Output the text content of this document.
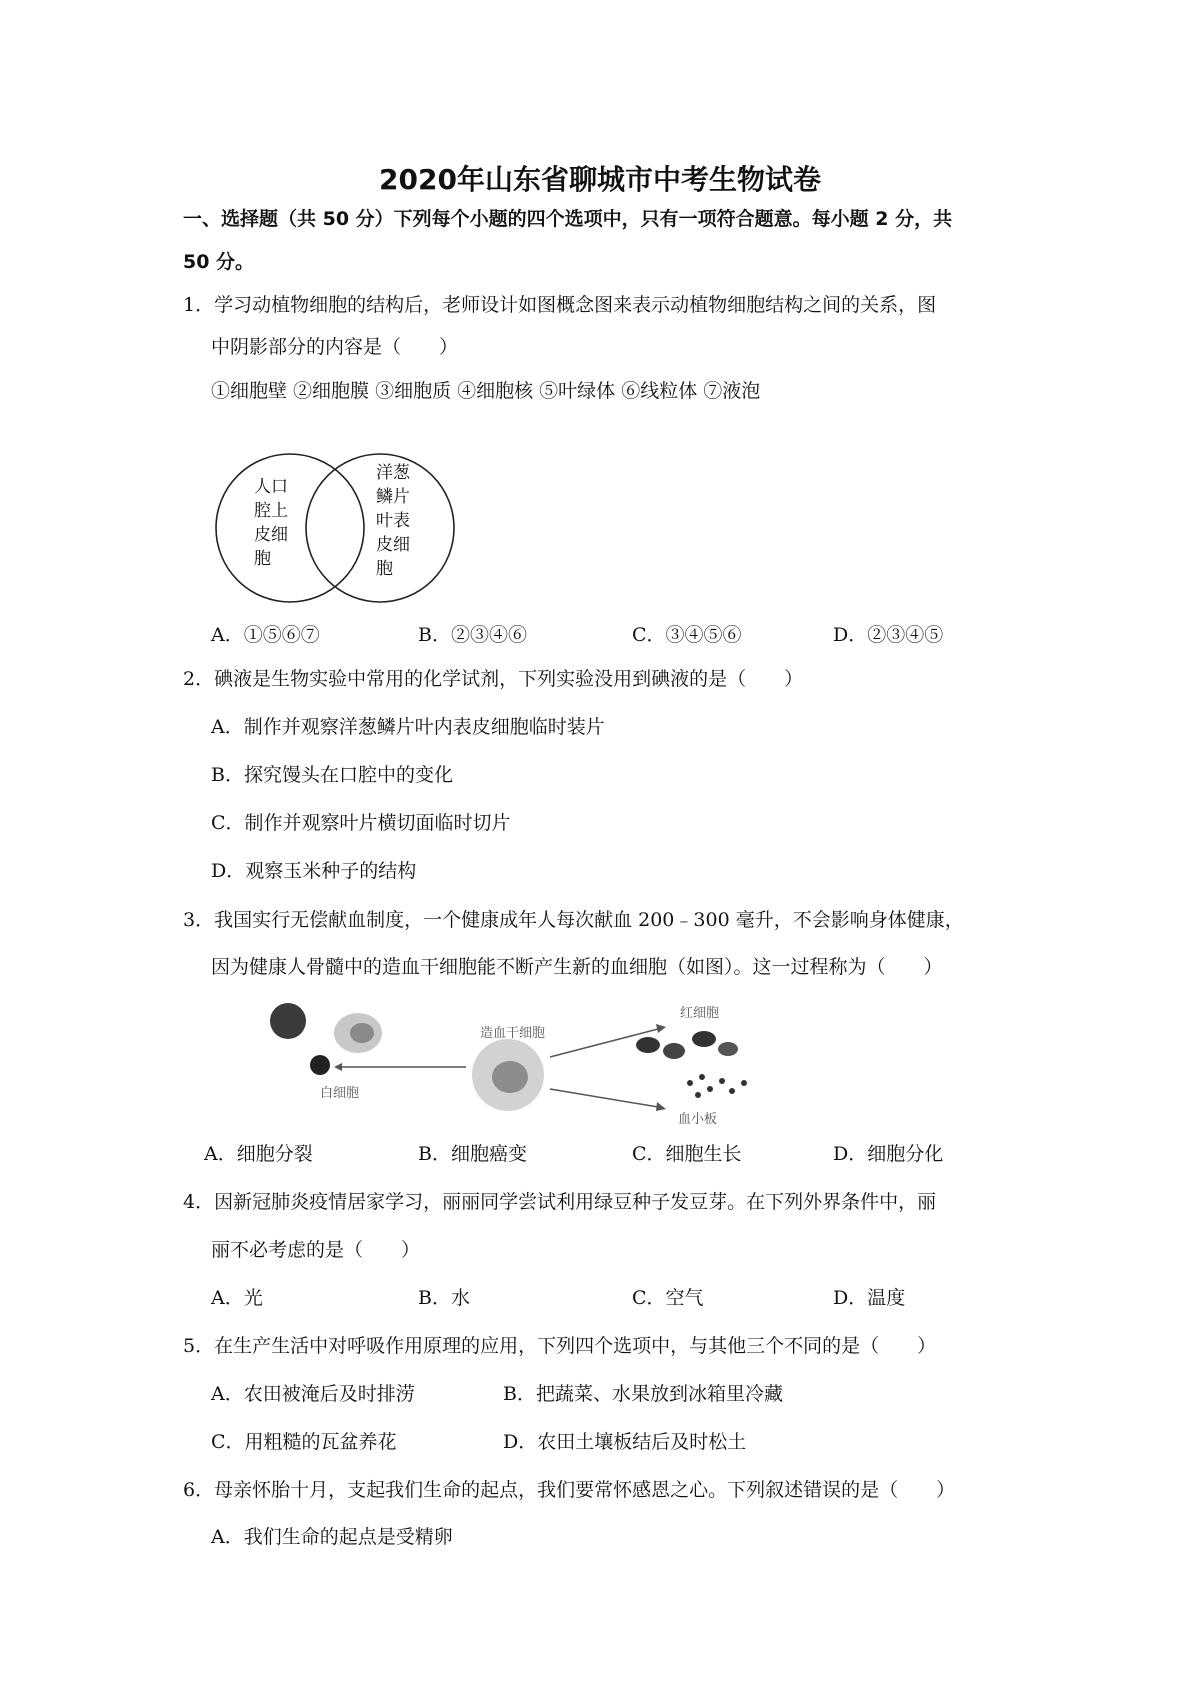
2020年山东省聊城市中考生物试卷
一、选择题（共 50 分）下列每个小题的四个选项中，只有一项符合题意。每小题 2 分，共
50 分。
1．学习动植物细胞的结构后，老师设计如图概念图来表示动植物细胞结构之间的关系，图
中阴影部分的内容是（　　）
①细胞壁 ②细胞膜 ③细胞质 ④细胞核 ⑤叶绿体 ⑥线粒体 ⑦液泡
人口
腔上
皮细
胞
洋葱
鳞片
叶表
皮细
胞
A．①⑤⑥⑦	B．②③④⑥	C．③④⑤⑥	D．②③④⑤
2．碘液是生物实验中常用的化学试剂，下列实验没用到碘液的是（　　）
A．制作并观察洋葱鳞片叶内表皮细胞临时装片
B．探究馒头在口腔中的变化
C．制作并观察叶片横切面临时切片
D．观察玉米种子的结构
3．我国实行无偿献血制度，一个健康成年人每次献血 200﹣300 毫升，不会影响身体健康，
因为健康人骨髓中的造血干细胞能不断产生新的血细胞（如图）。这一过程称为（　　）
白细胞
造血干细胞
红细胞
血小板
A．细胞分裂	B．细胞癌变	C．细胞生长	D．细胞分化
4．因新冠肺炎疫情居家学习，丽丽同学尝试利用绿豆种子发豆芽。在下列外界条件中，丽
丽不必考虑的是（　　）
A．光	B．水	C．空气	D．温度
5．在生产生活中对呼吸作用原理的应用，下列四个选项中，与其他三个不同的是（　　）
A．农田被淹后及时排涝	B．把蔬菜、水果放到冰箱里冷藏
C．用粗糙的瓦盆养花	D．农田土壤板结后及时松土
6．母亲怀胎十月，支起我们生命的起点，我们要常怀感恩之心。下列叙述错误的是（　　）
A．我们生命的起点是受精卵
